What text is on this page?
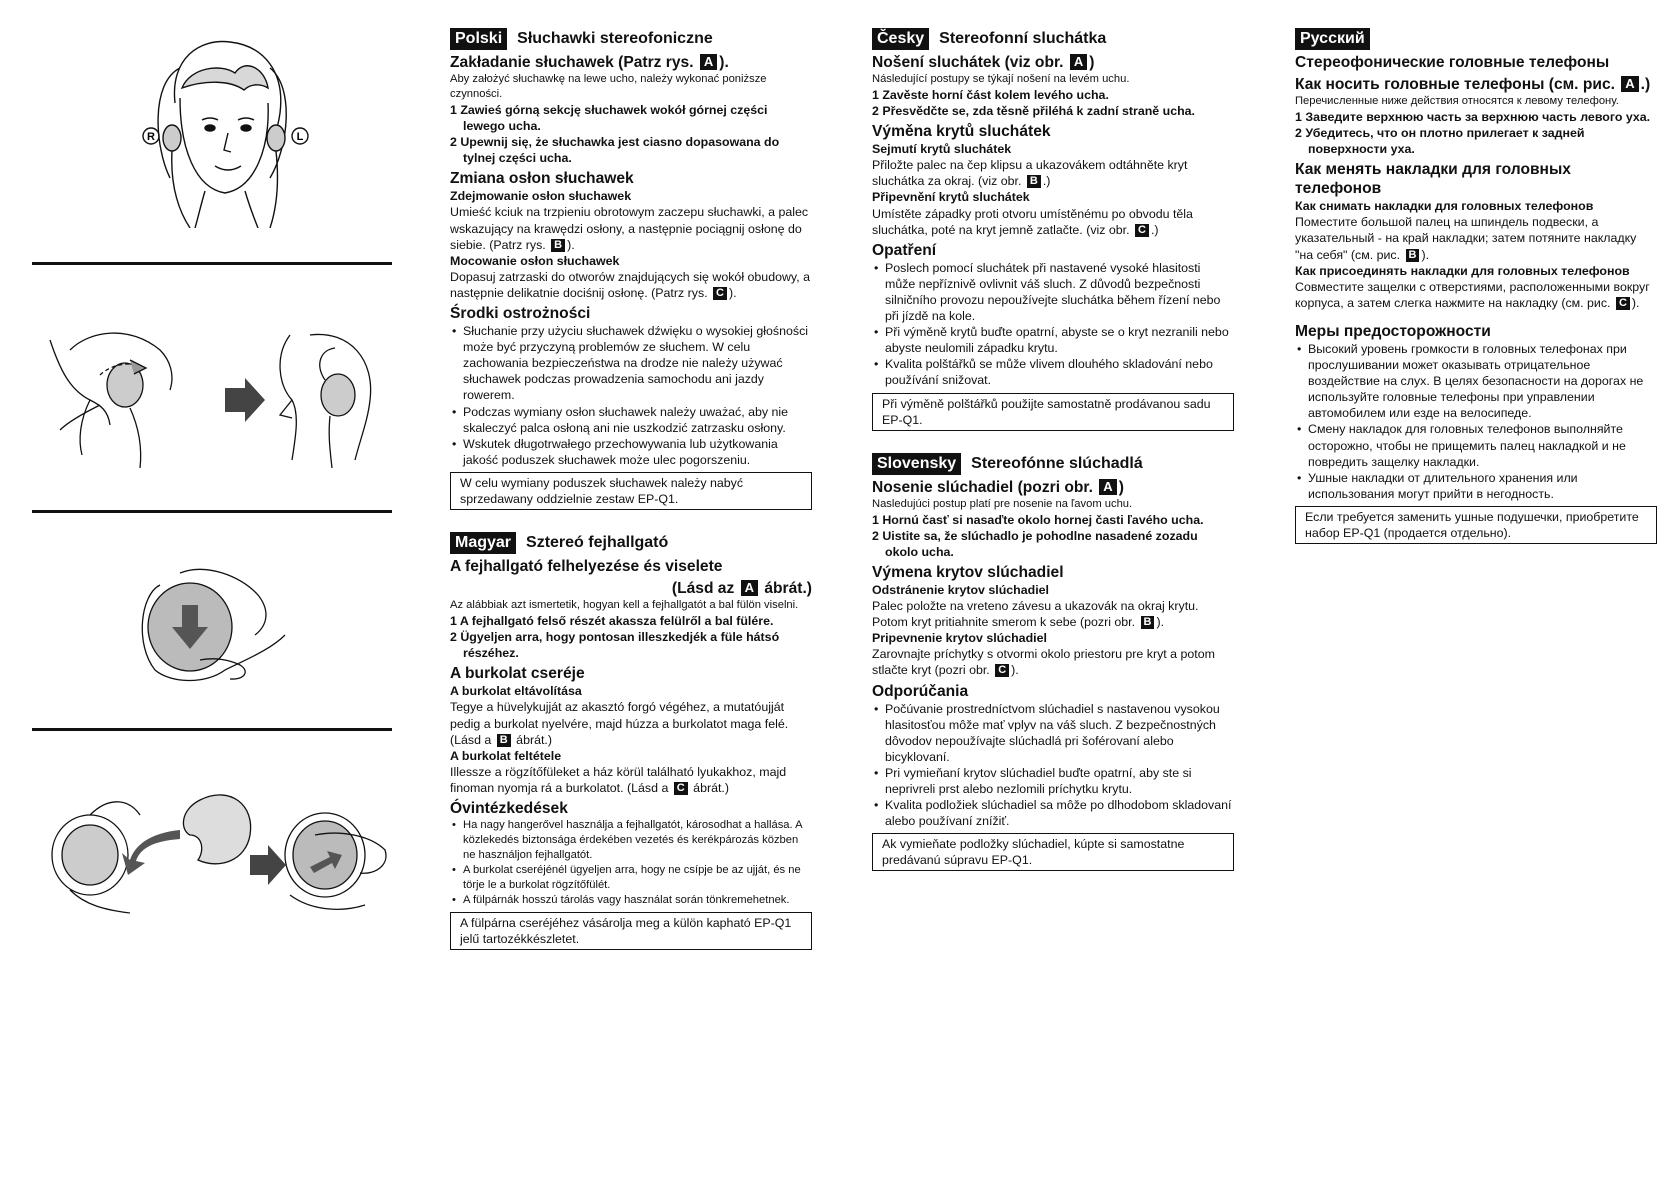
R	L
Polski Słuchawki stereofoniczne
Zakładanie słuchawek (Patrz rys. A ).

Aby założyć słuchawkę na lewe ucho, należy wykonać poniższe czynności.

1 Zawieś górną sekcję słuchawek wokół górnej części lewego ucha.
2 Upewnij się, że słuchawka jest ciasno dopasowana do tylnej części ucha.
Zmiana osłon słuchawek
Zdejmowanie osłon słuchawek

Umieść kciuk na trzpieniu obrotowym zaczepu słuchawki, a palec wskazujący na krawędzi osłony, a następnie pociągnij osłonę do siebie. (Patrz rys. B ).

Mocowanie osłon słuchawek

Dopasuj zatrzaski do otworów znajdujących się wokół obudowy, a następnie delikatnie dociśnij osłonę. (Patrz rys. C ).

Środki ostrożności
• Słuchanie przy użyciu słuchawek dźwięku o wysokiej głośności może być przyczyną problemów ze słuchem. W celu zachowania bezpieczeństwa na drodze nie należy używać słuchawek podczas prowadzenia samochodu ani jazdy rowerem.
• Podczas wymiany osłon słuchawek należy uważać, aby nie skaleczyć palca osłoną ani nie uszkodzić zatrzasku osłony.
• Wskutek długotrwałego przechowywania lub użytkowania jakość poduszek słuchawek może ulec pogorszeniu.
W celu wymiany poduszek słuchawek należy nabyć sprzedawany oddzielnie zestaw EP-Q1.
Magyar Sztereó fejhallgató
A fejhallgató felhelyezése és viselete
(Lásd az A ábrát.)

Az alábbiak azt ismertetik, hogyan kell a fejhallgatót a bal fülön viselni.

1 A fejhallgató felső részét akassza felülről a bal fülére.
2 Ügyeljen arra, hogy pontosan illeszkedjék a füle hátsó részéhez.
A burkolat cseréje
A burkolat eltávolítása

Tegye a hüvelykujját az akasztó forgó végéhez, a mutatóujját pedig a burkolat nyelvére, majd húzza a burkolatot maga felé. (Lásd a B ábrát.)

A burkolat feltétele

Illessze a rögzítőfüleket a ház körül található lyukakhoz, majd finoman nyomja rá a burkolatot. (Lásd a C ábrát.)

Óvintézkedések
• Ha nagy hangerővel használja a fejhallgatót, károsodhat a hallása. A közlekedés biztonsága érdekében vezetés és kerékpározás közben ne használjon fejhallgatót.
• A burkolat cseréjénél ügyeljen arra, hogy ne csípje be az ujját, és ne törje le a burkolat rögzítőfülét.
• A fülpárnák hosszú tárolás vagy használat során tönkremehetnek.
A fülpárna cseréjéhez vásárolja meg a külön kapható EP-Q1 jelű tartozékkészletet.
Česky Stereofonní sluchátka
Nošení sluchátek (viz obr. A )

Následující postupy se týkají nošení na levém uchu.

1 Zavěste horní část kolem levého ucha.
2 Přesvědčte se, zda těsně přiléhá k zadní straně ucha.
Výměna krytů sluchátek
Sejmutí krytů sluchátek

Přiložte palec na čep klipsu a ukazovákem odtáhněte kryt sluchátka za okraj. (viz obr. B .)

Připevnění krytů sluchátek

Umístěte západky proti otvoru umístěnému po obvodu těla sluchátka, poté na kryt jemně zatlačte. (viz obr. C .)

Opatření
• Poslech pomocí sluchátek při nastavené vysoké hlasitosti může nepříznivě ovlivnit váš sluch. Z důvodů bezpečnosti silničního provozu nepoužívejte sluchátka během řízení nebo při jízdě na kole.
• Při výměně krytů buďte opatrní, abyste se o kryt nezranili nebo abyste neulomili západku krytu.
• Kvalita polštářků se může vlivem dlouhého skladování nebo používání snižovat.
Při výměně polštářků použijte samostatně prodávanou sadu EP-Q1.
Slovensky Stereofónne slúchadlá
Nosenie slúchadiel (pozri obr. A )

Nasledujúci postup platí pre nosenie na ľavom uchu.

1 Hornú časť si nasaďte okolo hornej časti ľavého ucha.
2 Uistite sa, že slúchadlo je pohodlne nasadené zozadu okolo ucha.
Výmena krytov slúchadiel
Odstránenie krytov slúchadiel

Palec položte na vreteno závesu a ukazovák na okraj krytu. Potom kryt pritiahnite smerom k sebe (pozri obr. B ).

Pripevnenie krytov slúchadiel

Zarovnajte príchytky s otvormi okolo priestoru pre kryt a potom stlačte kryt (pozri obr. C ).

Odporúčania
• Počúvanie prostredníctvom slúchadiel s nastavenou vysokou hlasitosťou môže mať vplyv na váš sluch. Z bezpečnostných dôvodov nepoužívajte slúchadlá pri šoférovaní alebo bicyklovaní.
• Pri vymieňaní krytov slúchadiel buďte opatrní, aby ste si neprivreli prst alebo nezlomili príchytku krytu.
• Kvalita podložiek slúchadiel sa môže po dlhodobom skladovaní alebo používaní znížiť.
Ak vymieňate podložky slúchadiel, kúpte si samostatne predávanú súpravu EP-Q1.
Русский
Стереофонические головные телефоны
Как носить головные телефоны (см. рис. A .)

Перечисленные ниже действия относятся к левому телефону.

1 Заведите верхнюю часть за верхнюю часть левого уха.
2 Убедитесь, что он плотно прилегает к задней поверхности уха.
Как менять накладки для головных телефонов
Как снимать накладки для головных телефонов

Поместите большой палец на шпиндель подвески, а указательный - на край накладки; затем потяните накладку "на себя" (см. рис. B ).

Как присоединять накладки для головных телефонов

Совместите защелки с отверстиями, расположенными вокруг корпуса, а затем слегка нажмите на накладку (см. рис. C ).

Меры предосторожности
• Высокий уровень громкости в головных телефонах при прослушивании может оказывать отрицательное воздействие на слух. В целях безопасности на дорогах не используйте головные телефоны при управлении автомобилем или езде на велосипеде.
• Смену накладок для головных телефонов выполняйте осторожно, чтобы не прищемить палец накладкой и не повредить защелку накладки.
• Ушные накладки от длительного хранения или использования могут прийти в негодность.
Если требуется заменить ушные подушечки, приобретите набор EP-Q1 (продается отдельно).
